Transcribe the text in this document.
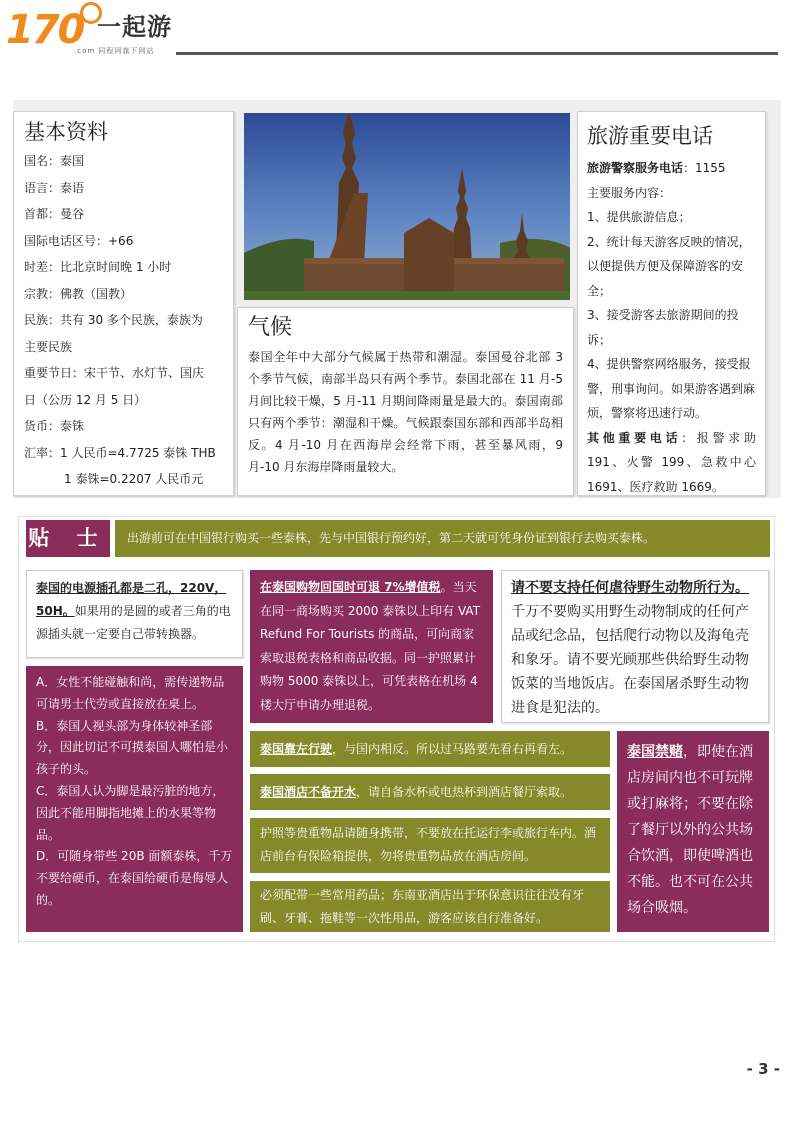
170 一起游
.com 同程网旗下网站
基本资料
国名：泰国
语言：泰语
首都：曼谷
国际电话区号：+66
时差：比北京时间晚 1 小时
宗教：佛教（国教）
民族：共有 30 多个民族，泰族为
主要民族
重要节日：宋干节、水灯节、国庆
日（公历 12 月 5 日）
货币：泰铢
汇率：1 人民币=4.7725 泰铢 THB
1 泰铢=0.2207 人民币元
气候
泰国全年中大部分气候属于热带和潮湿。泰国曼谷北部 3 个季节气候，南部半岛只有两个季节。泰国北部在 11 月-5 月间比较干燥，5 月-11 月期间降雨量是最大的。泰国南部只有两个季节：潮湿和干燥。气候跟泰国东部和西部半岛相反。4 月-10 月在西海岸会经常下雨，甚至暴风雨，9 月-10 月东海岸降雨量较大。
旅游重要电话
旅游警察服务电话：1155
主要服务内容：
1、提供旅游信息；
2、统计每天游客反映的情况，以便提供方便及保障游客的安全；
3、接受游客去旅游期间的投诉；
4、提供警察网络服务，接受报警，刑事询问。如果游客遇到麻烦，警察将迅速行动。
其他重要电话：报警求助 191、火警 199、急救中心 1691、医疗救助 1669。
贴 士	出游前可在中国银行购买一些泰株，先与中国银行预约好，第二天就可凭身份证到银行去购买泰株。
泰国的电源插孔都是二孔，220V，50H。如果用的是圆的或者三角的电源插头就一定要自己带转换器。
A．女性不能碰触和尚，需传递物品可请男士代劳或直接放在桌上。
B．泰国人视头部为身体较神圣部分，因此切记不可摸泰国人哪怕是小孩子的头。
C．泰国人认为脚是最污脏的地方，因此不能用脚指地摊上的水果等物品。
D．可随身带些 20B 面额泰株，千万不要给硬币，在泰国给硬币是侮辱人的。
在泰国购物回国时可退 7%增值税。当天在同一商场购买 2000 泰铢以上印有 VAT Refund For Tourists 的商品，可向商家索取退税表格和商品收据。同一护照累计购物 5000 泰铢以上，可凭表格在机场 4 楼大厅申请办理退税。
泰国靠左行驶，与国内相反。所以过马路要先看右再看左。
泰国酒店不备开水，请自备水杯或电热杯到酒店餐厅索取。
护照等贵重物品请随身携带，不要放在托运行李或旅行车内。酒店前台有保险箱提供，勿将贵重物品放在酒店房间。
必须配带一些常用药品；东南亚酒店出于环保意识往往没有牙刷、牙膏、拖鞋等一次性用品，游客应该自行准备好。
请不要支持任何虐待野生动物所行为。千万不要购买用野生动物制成的任何产品或纪念品，包括爬行动物以及海龟壳和象牙。请不要光顾那些供给野生动物饭菜的当地饭店。在泰国屠杀野生动物进食是犯法的。
泰国禁赌，即使在酒店房间内也不可玩牌或打麻将；不要在除了餐厅以外的公共场合饮酒，即使啤酒也不能。也不可在公共场合吸烟。
- 3 -
